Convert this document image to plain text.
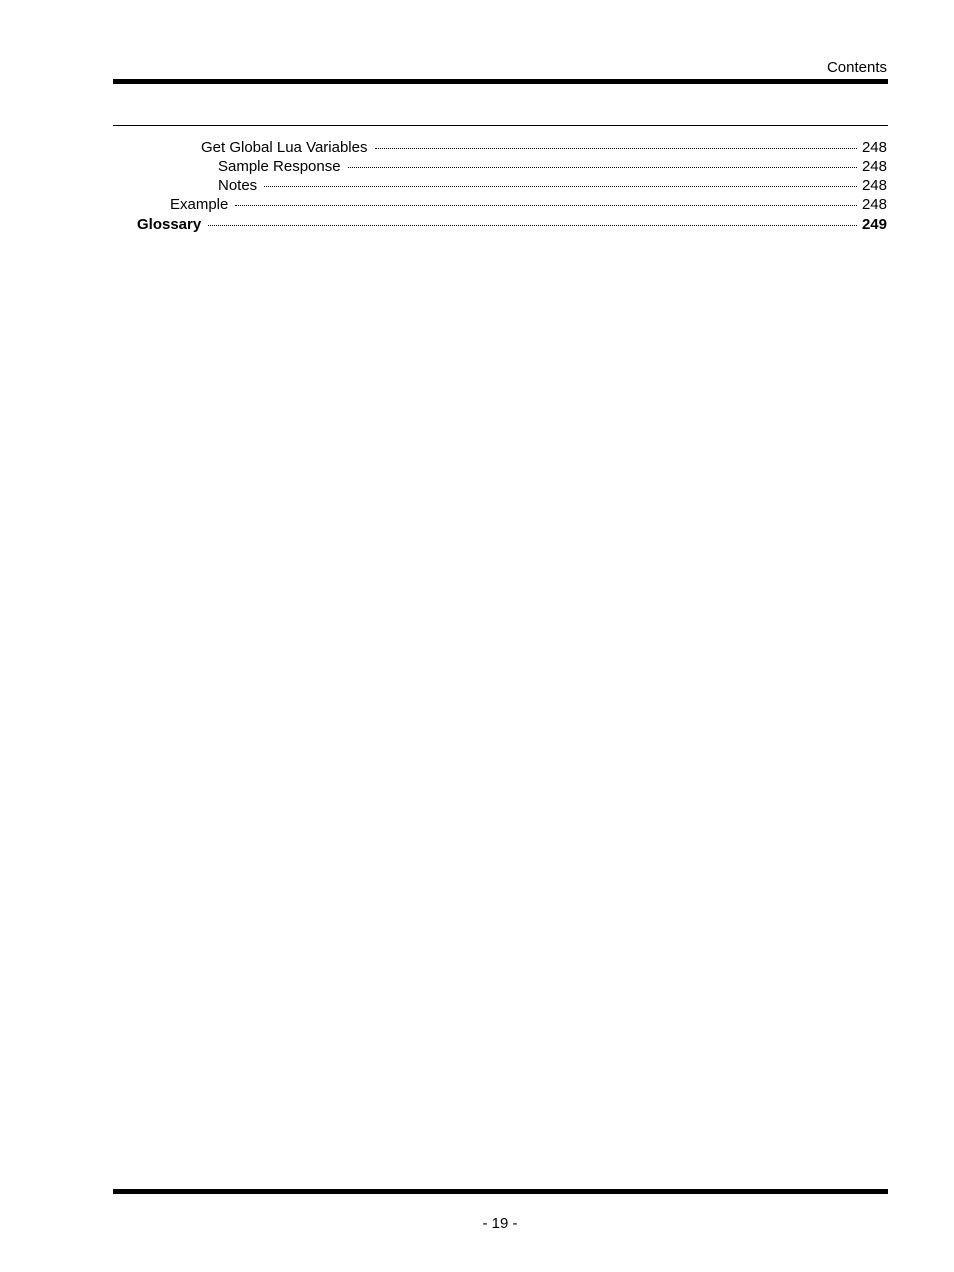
Contents
Get Global Lua Variables	248
Sample Response	248
Notes	248
Example	248
Glossary	249
- 19 -
